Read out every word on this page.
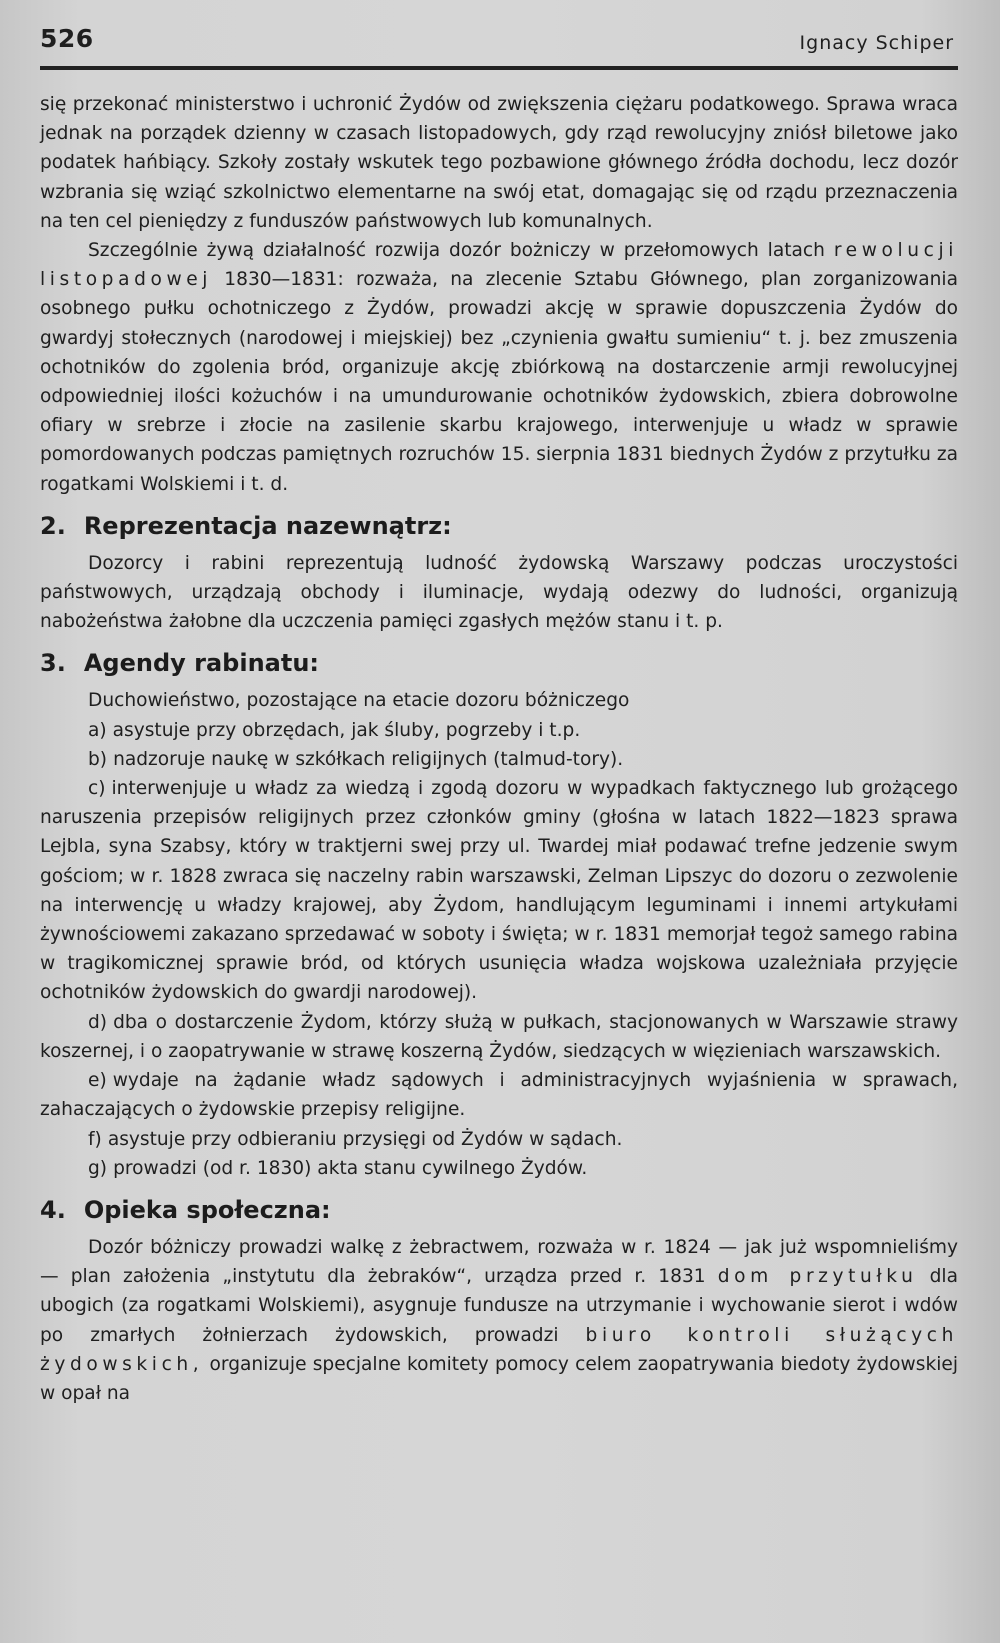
526	Ignacy Schiper

się przekonać ministerstwo i uchronić Żydów od zwiększenia ciężaru podatkowego. Sprawa wraca jednak na porządek dzienny w czasach listopadowych, gdy rząd rewolucyjny zniósł biletowe jako podatek hańbiący. Szkoły zostały wskutek tego pozbawione głównego źródła dochodu, lecz dozór wzbrania się wziąć szkolnictwo elementarne na swój etat, domagając się od rządu przeznaczenia na ten cel pieniędzy z funduszów państwowych lub komunalnych.

Szczególnie żywą działalność rozwija dozór bożniczy w przełomowych latach rewolucji listopadowej 1830—1831: rozważa, na zlecenie Sztabu Głównego, plan zorganizowania osobnego pułku ochotniczego z Żydów, prowadzi akcję w sprawie dopuszczenia Żydów do gwardyj stołecznych (narodowej i miejskiej) bez „czynienia gwałtu sumieniu“ t. j. bez zmuszenia ochotników do zgolenia bród, organizuje akcję zbiórkową na dostarczenie armji rewolucyjnej odpowiedniej ilości kożuchów i na umundurowanie ochotników żydowskich, zbiera dobrowolne ofiary w srebrze i złocie na zasilenie skarbu krajowego, interwenjuje u władz w sprawie pomordowanych podczas pamiętnych rozruchów 15. sierpnia 1831 biednych Żydów z przytułku za rogatkami Wolskiemi i t. d.

2. Reprezentacja nazewnątrz:

Dozorcy i rabini reprezentują ludność żydowską Warszawy podczas uroczystości państwowych, urządzają obchody i iluminacje, wydają odezwy do ludności, organizują nabożeństwa żałobne dla uczczenia pamięci zgasłych mężów stanu i t. p.

3. Agendy rabinatu:

Duchowieństwo, pozostające na etacie dozoru bóżniczego

a) asystuje przy obrzędach, jak śluby, pogrzeby i t.p.

b) nadzoruje naukę w szkółkach religijnych (talmud-tory).

c) interwenjuje u władz za wiedzą i zgodą dozoru w wypadkach faktycznego lub grożącego naruszenia przepisów religijnych przez członków gminy (głośna w latach 1822—1823 sprawa Lejbla, syna Szabsy, który w traktjerni swej przy ul. Twardej miał podawać trefne jedzenie swym gościom; w r. 1828 zwraca się naczelny rabin warszawski, Zelman Lipszyc do dozoru o zezwolenie na interwencję u władzy krajowej, aby Żydom, handlującym leguminami i innemi artykułami żywnościowemi zakazano sprzedawać w soboty i święta; w r. 1831 memorjał tegoż samego rabina w tragikomicznej sprawie bród, od których usunięcia władza wojskowa uzależniała przyjęcie ochotników żydowskich do gwardji narodowej).

d) dba o dostarczenie Żydom, którzy służą w pułkach, stacjonowanych w Warszawie strawy koszernej, i o zaopatrywanie w strawę koszerną Żydów, siedzących w więzieniach warszawskich.

e) wydaje na żądanie władz sądowych i administracyjnych wyjaśnienia w sprawach, zahaczających o żydowskie przepisy religijne.

f) asystuje przy odbieraniu przysięgi od Żydów w sądach.

g) prowadzi (od r. 1830) akta stanu cywilnego Żydów.

4. Opieka społeczna:

Dozór bóżniczy prowadzi walkę z żebractwem, rozważa w r. 1824 — jak już wspomnieliśmy — plan założenia „instytutu dla żebraków“, urządza przed r. 1831 dom przytułku dla ubogich (za rogatkami Wolskiemi), asygnuje fundusze na utrzymanie i wychowanie sierot i wdów po zmarłych żołnierzach żydowskich, prowadzi biuro kontroli służących żydowskich, organizuje specjalne komitety pomocy celem zaopatrywania biedoty żydowskiej w opał na
